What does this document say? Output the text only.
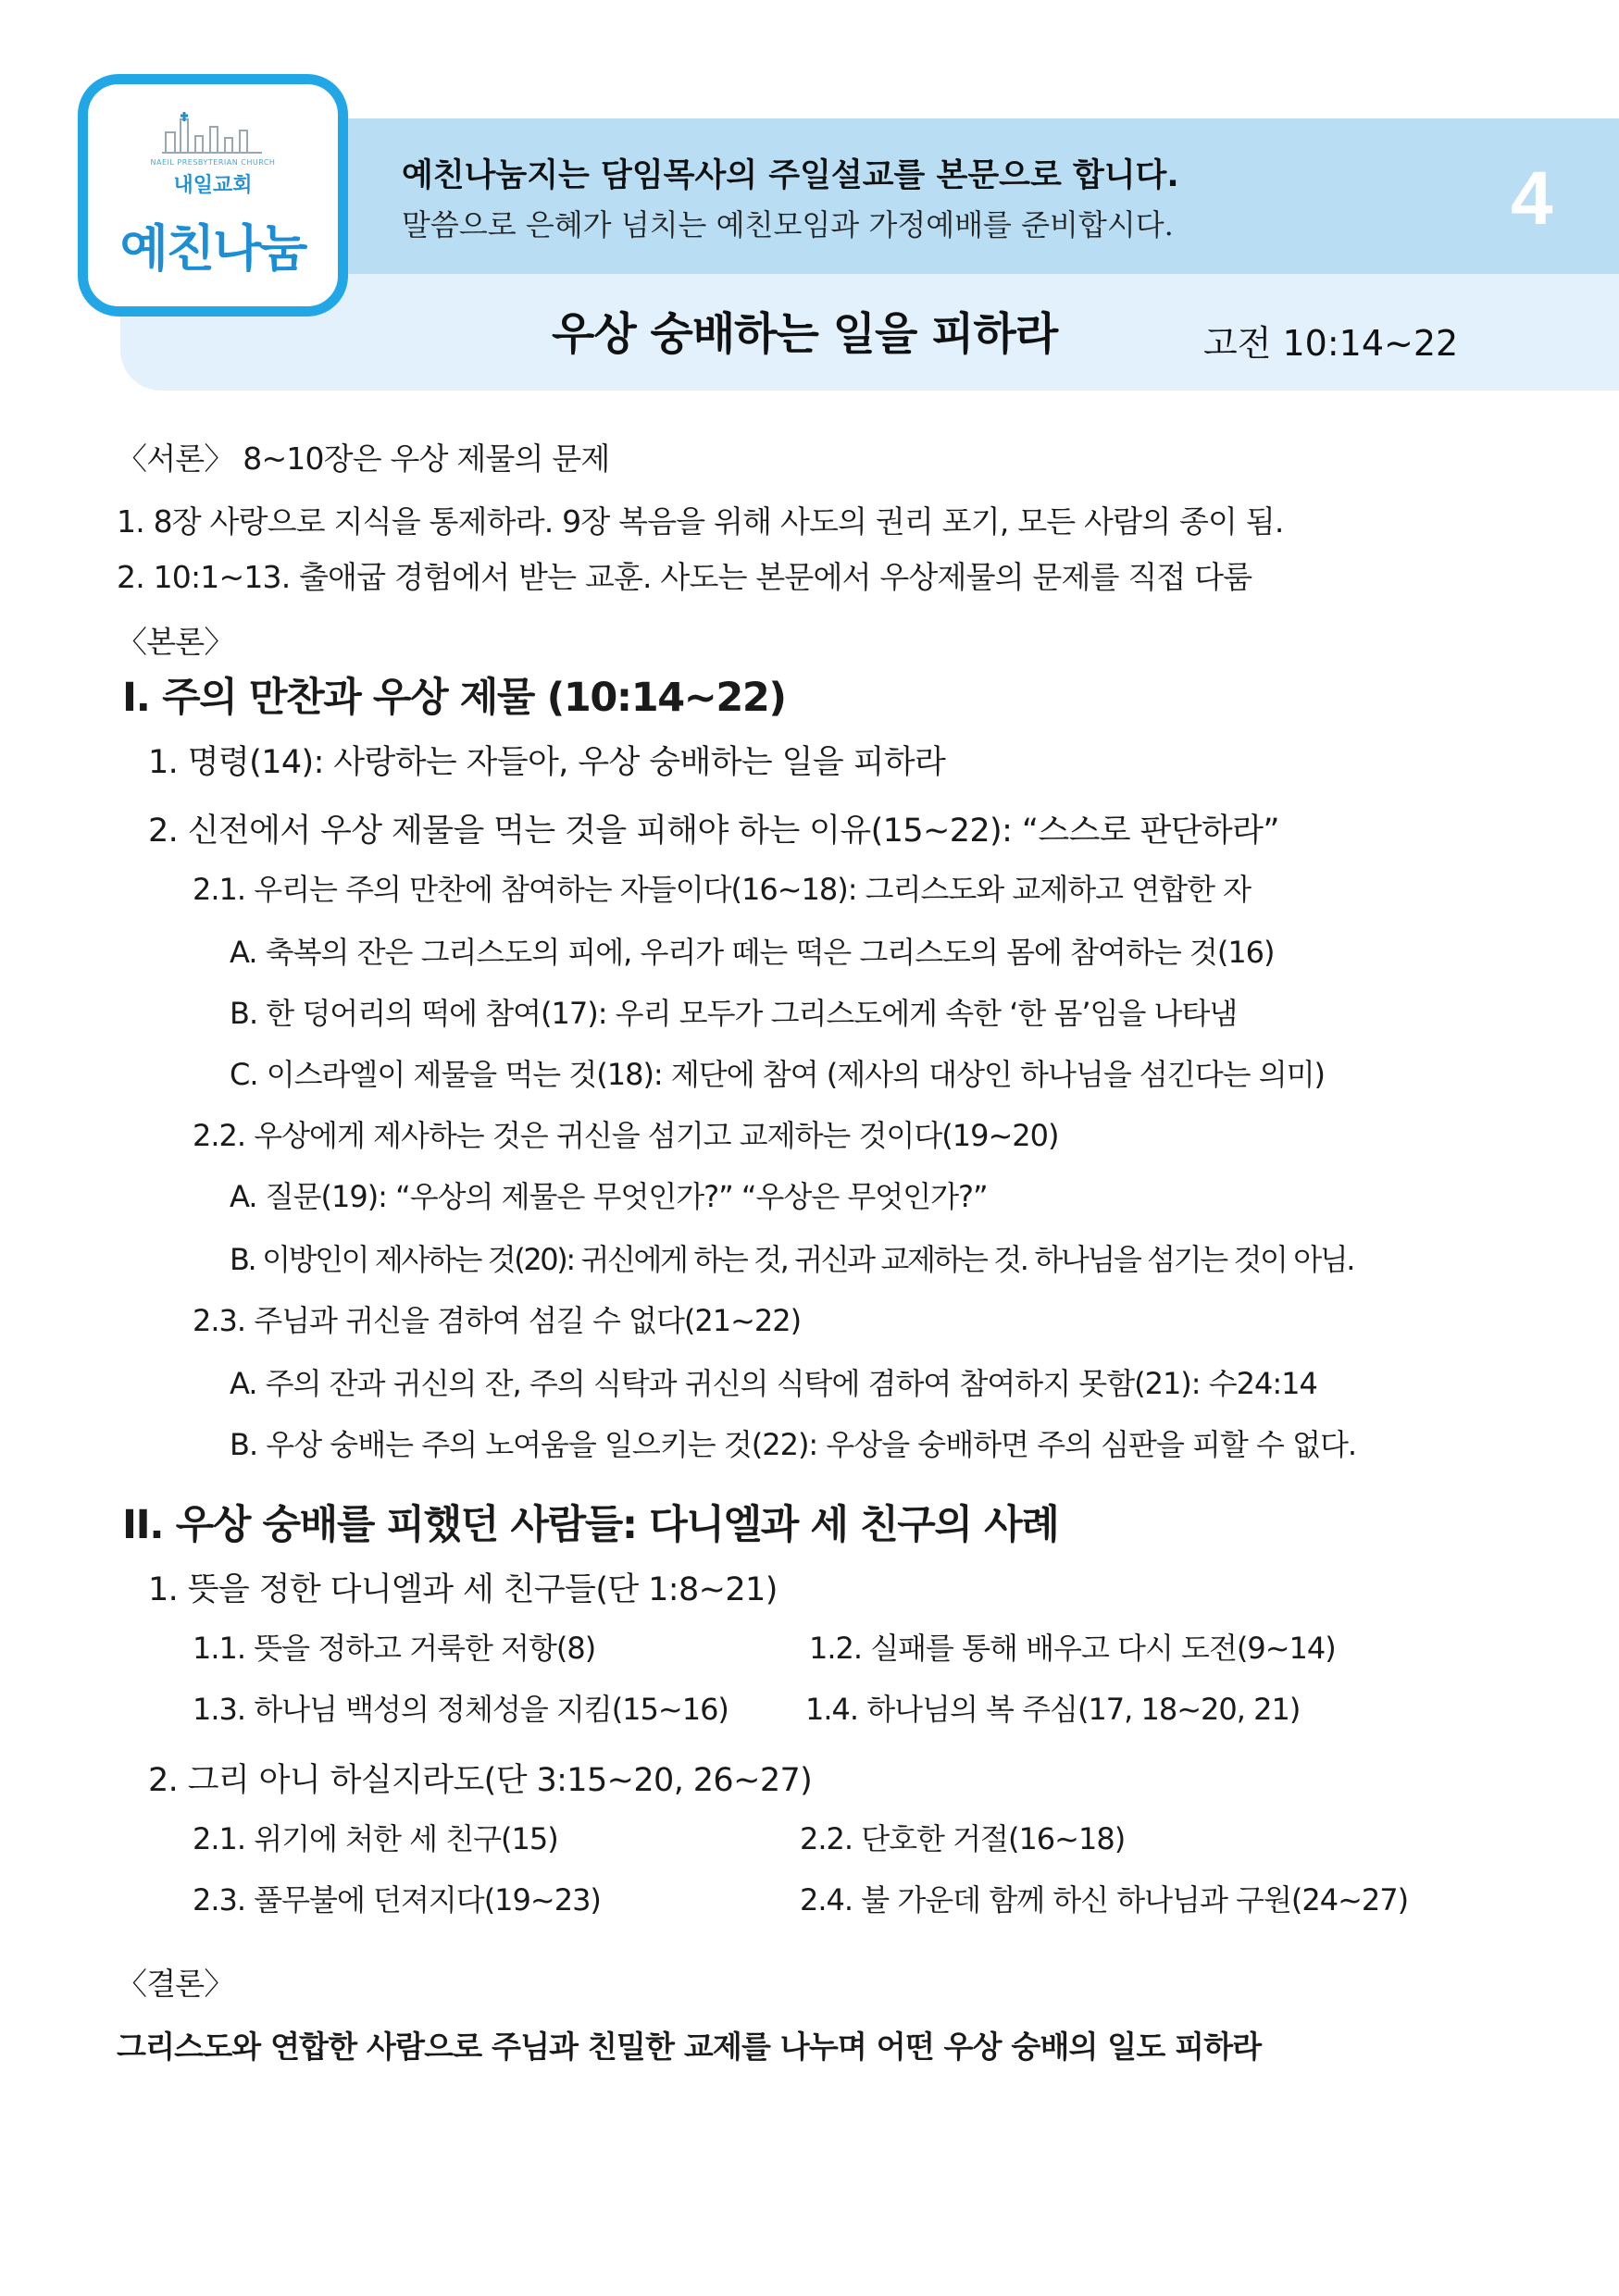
NAEIL PRESBYTERIAN CHURCH
내일교회
예친나눔
예친나눔지는 담임목사의 주일설교를 본문으로 합니다.
말씀으로 은혜가 넘치는 예친모임과 가정예배를 준비합시다.	4
우상 숭배하는 일을 피하라	고전 10:14~22
〈서론〉 8~10장은 우상 제물의 문제
1. 8장 사랑으로 지식을 통제하라. 9장 복음을 위해 사도의 권리 포기, 모든 사람의 종이 됨.
2. 10:1~13. 출애굽 경험에서 받는 교훈. 사도는 본문에서 우상제물의 문제를 직접 다룸
〈본론〉
I. 주의 만찬과 우상 제물 (10:14~22)
1. 명령(14): 사랑하는 자들아, 우상 숭배하는 일을 피하라
2. 신전에서 우상 제물을 먹는 것을 피해야 하는 이유(15~22): “스스로 판단하라”
2.1. 우리는 주의 만찬에 참여하는 자들이다(16~18): 그리스도와 교제하고 연합한 자
A. 축복의 잔은 그리스도의 피에, 우리가 떼는 떡은 그리스도의 몸에 참여하는 것(16)
B. 한 덩어리의 떡에 참여(17): 우리 모두가 그리스도에게 속한 ‘한 몸’임을 나타냄
C. 이스라엘이 제물을 먹는 것(18): 제단에 참여 (제사의 대상인 하나님을 섬긴다는 의미)
2.2. 우상에게 제사하는 것은 귀신을 섬기고 교제하는 것이다(19~20)
A. 질문(19): “우상의 제물은 무엇인가?” “우상은 무엇인가?”
B. 이방인이 제사하는 것(20): 귀신에게 하는 것, 귀신과 교제하는 것. 하나님을 섬기는 것이 아님.
2.3. 주님과 귀신을 겸하여 섬길 수 없다(21~22)
A. 주의 잔과 귀신의 잔, 주의 식탁과 귀신의 식탁에 겸하여 참여하지 못함(21): 수24:14
B. 우상 숭배는 주의 노여움을 일으키는 것(22): 우상을 숭배하면 주의 심판을 피할 수 없다.
II. 우상 숭배를 피했던 사람들: 다니엘과 세 친구의 사례
1. 뜻을 정한 다니엘과 세 친구들(단 1:8~21)
1.1. 뜻을 정하고 거룩한 저항(8)	1.2. 실패를 통해 배우고 다시 도전(9~14)
1.3. 하나님 백성의 정체성을 지킴(15~16)	1.4. 하나님의 복 주심(17, 18~20, 21)
2. 그리 아니 하실지라도(단 3:15~20, 26~27)
2.1. 위기에 처한 세 친구(15)	2.2. 단호한 거절(16~18)
2.3. 풀무불에 던져지다(19~23)	2.4. 불 가운데 함께 하신 하나님과 구원(24~27)
〈결론〉
그리스도와 연합한 사람으로 주님과 친밀한 교제를 나누며 어떤 우상 숭배의 일도 피하라
